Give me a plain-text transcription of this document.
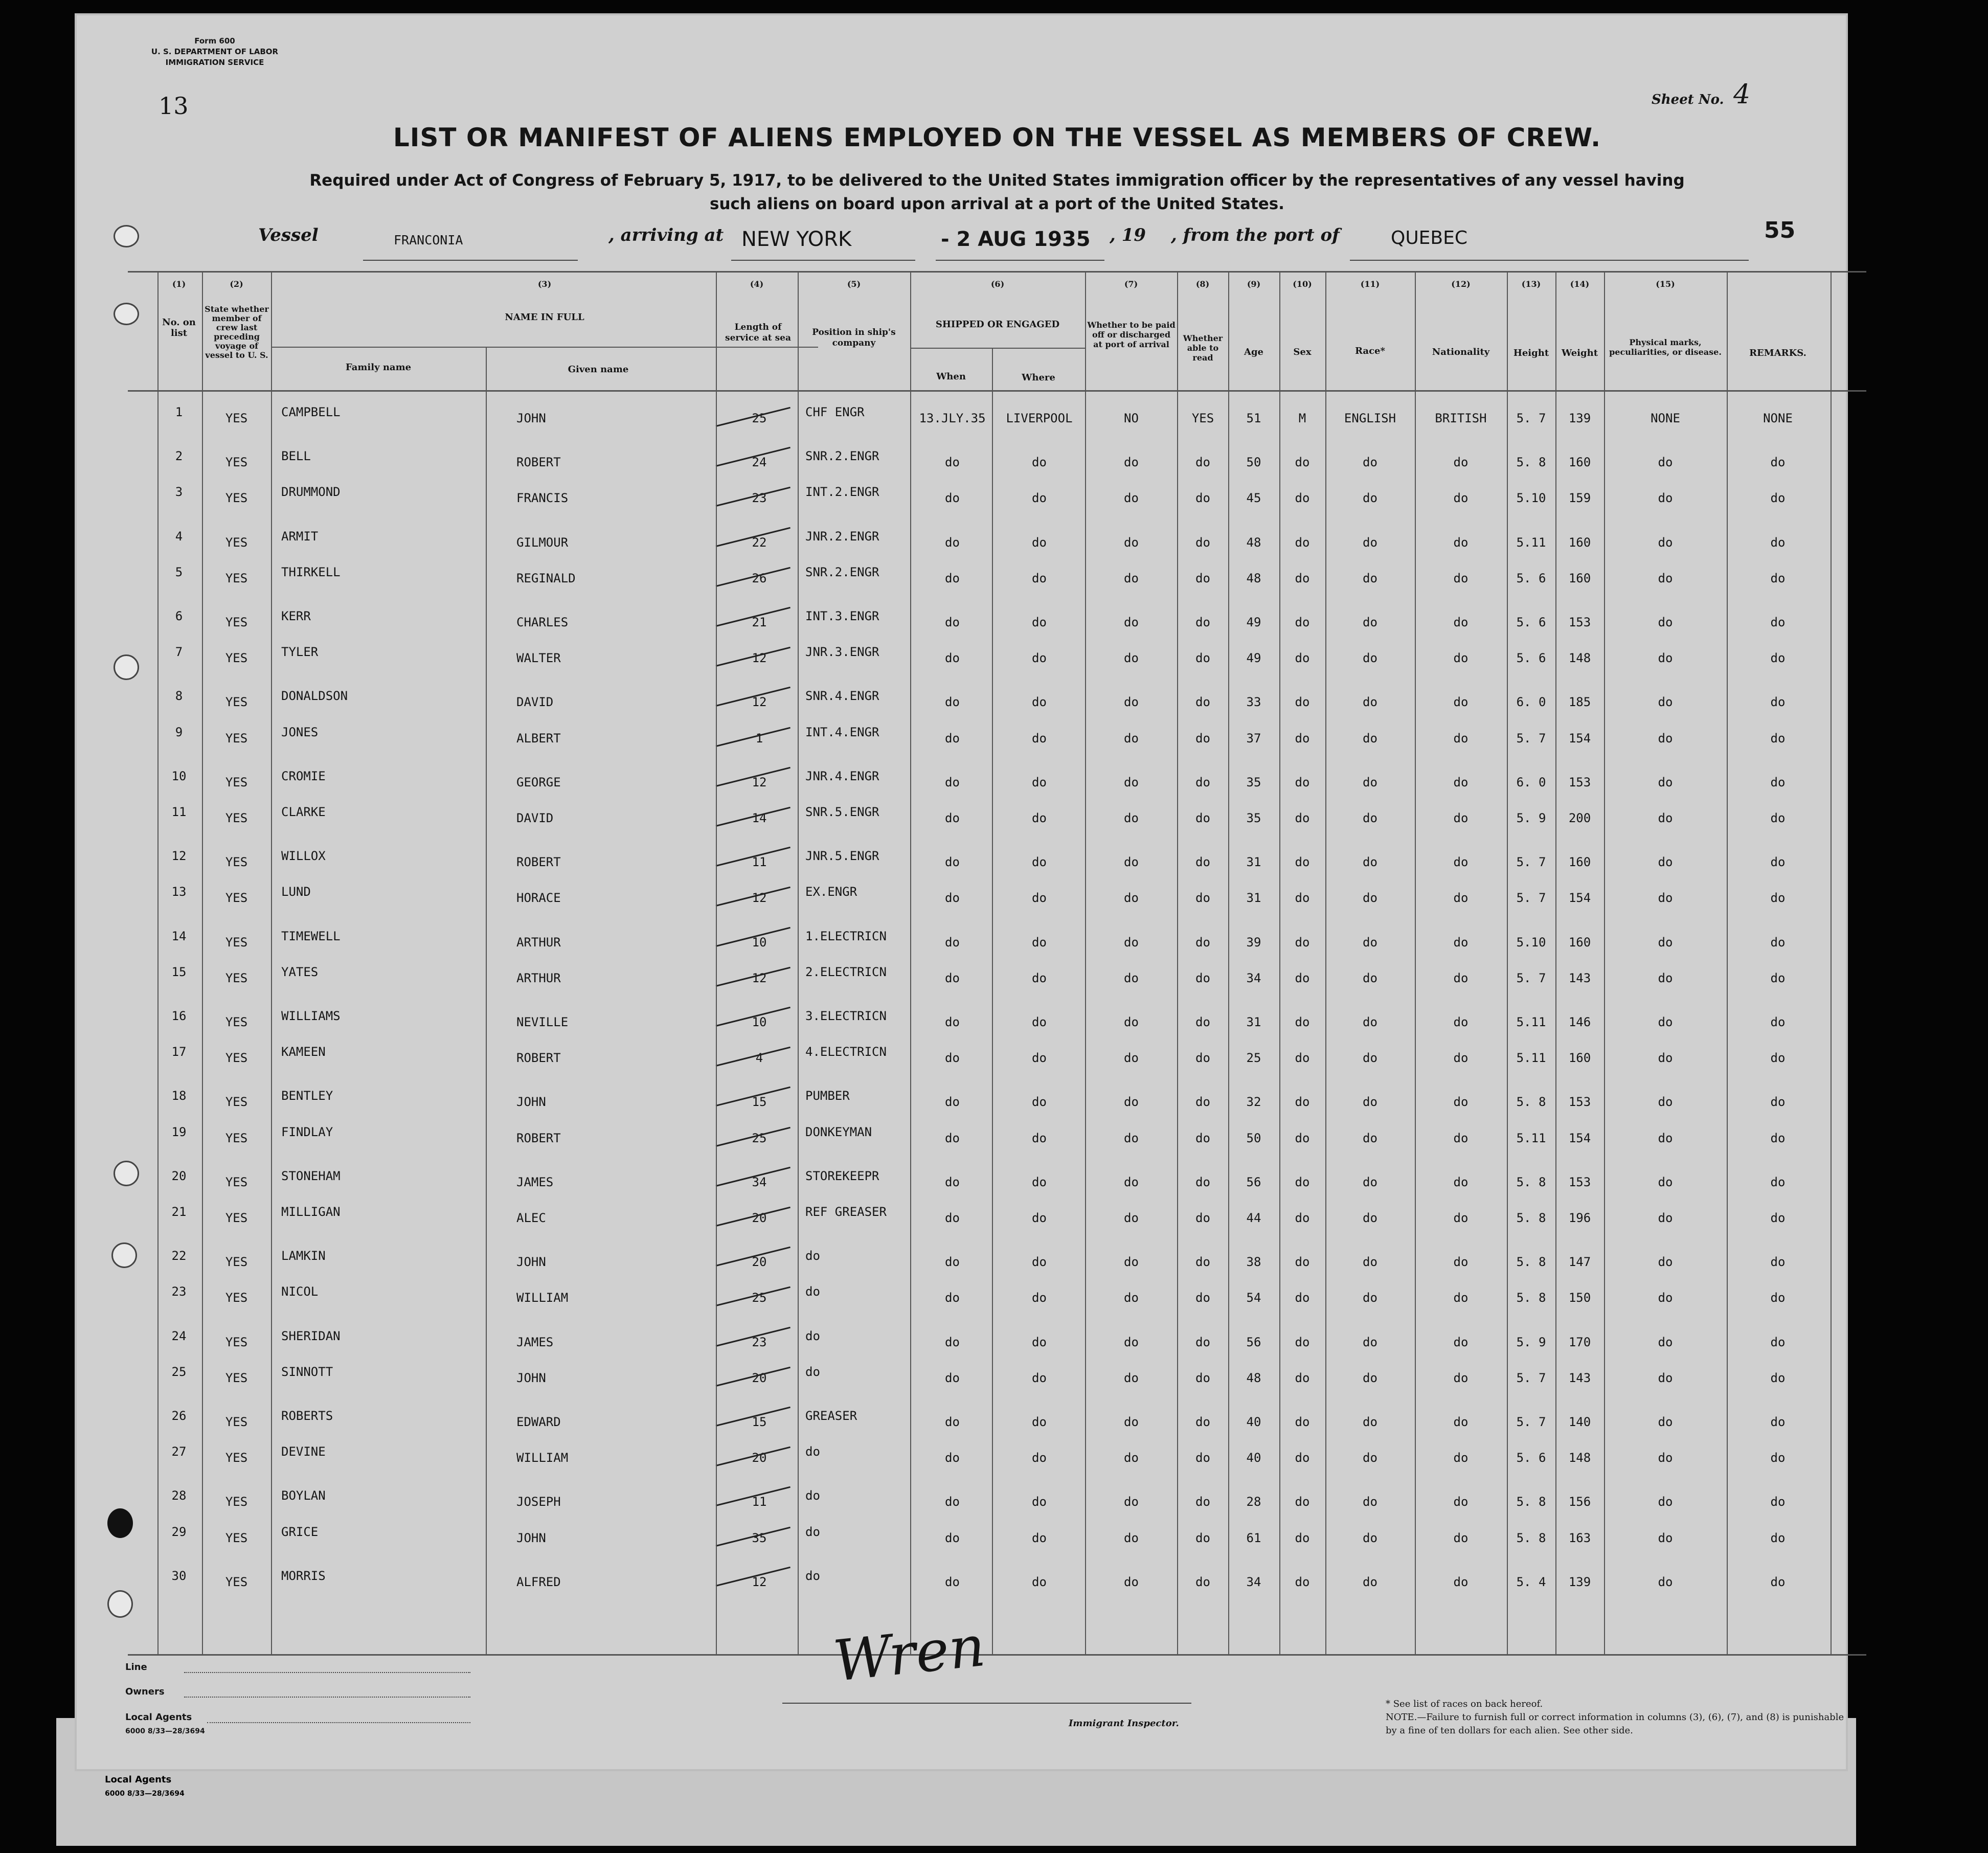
Local Agents
6000 8/33—28/3694
Form 600
U. S. DEPARTMENT OF LABOR
IMMIGRATION SERVICE
13	Sheet No. 4
LIST OR MANIFEST OF ALIENS EMPLOYED ON THE VESSEL AS MEMBERS OF CREW.
Required under Act of Congress of February 5, 1917, to be delivered to the United States immigration officer by the representatives of any vessel having such aliens on board upon arrival at a port of the United States.
55
Vessel	FRANCONIA	, arriving at NEW YORK	- 2 AUG 1935 , 19 , from the port of	QUEBEC
(1)	(2)	(3)	(4)	(5)	(6)	(7)	(8)	(9)	(10)	(11)	(12)	(13)	(14)	(15)
No. on list
State whether member of crew last preceding voyage of vessel to U. S.
NAME IN FULL
Family name	Given name
Length of service at sea
Position in ship's company
SHIPPED OR ENGAGED
When	Where
Whether to be paid off or discharged at port of arrival
Whether able to read
Age	Sex	Race*	Nationality	Height	Weight
Physical marks, peculiarities, or disease.	REMARKS.
1	YES	CAMPBELL	JOHN	25	CHF ENGR	13.JLY.35	LIVERPOOL	NO	YES	51	M	ENGLISH	BRITISH	5. 7	139	NONE	NONE
2	YES	BELL	ROBERT	24	SNR.2.ENGR	do	do	do	do	50	do	do	do	5. 8	160	do	do
3	YES	DRUMMOND	FRANCIS	23	INT.2.ENGR	do	do	do	do	45	do	do	do	5.10	159	do	do
4	YES	ARMIT	GILMOUR	22	JNR.2.ENGR	do	do	do	do	48	do	do	do	5.11	160	do	do
5	YES	THIRKELL	REGINALD	26	SNR.2.ENGR	do	do	do	do	48	do	do	do	5. 6	160	do	do
6	YES	KERR	CHARLES	21	INT.3.ENGR	do	do	do	do	49	do	do	do	5. 6	153	do	do
7	YES	TYLER	WALTER	12	JNR.3.ENGR	do	do	do	do	49	do	do	do	5. 6	148	do	do
8	YES	DONALDSON	DAVID	12	SNR.4.ENGR	do	do	do	do	33	do	do	do	6. 0	185	do	do
9	YES	JONES	ALBERT	1	INT.4.ENGR	do	do	do	do	37	do	do	do	5. 7	154	do	do
10	YES	CROMIE	GEORGE	12	JNR.4.ENGR	do	do	do	do	35	do	do	do	6. 0	153	do	do
11	YES	CLARKE	DAVID	14	SNR.5.ENGR	do	do	do	do	35	do	do	do	5. 9	200	do	do
12	YES	WILLOX	ROBERT	11	JNR.5.ENGR	do	do	do	do	31	do	do	do	5. 7	160	do	do
13	YES	LUND	HORACE	12	EX.ENGR	do	do	do	do	31	do	do	do	5. 7	154	do	do
14	YES	TIMEWELL	ARTHUR	10	1.ELECTRICN	do	do	do	do	39	do	do	do	5.10	160	do	do
15	YES	YATES	ARTHUR	12	2.ELECTRICN	do	do	do	do	34	do	do	do	5. 7	143	do	do
16	YES	WILLIAMS	NEVILLE	10	3.ELECTRICN	do	do	do	do	31	do	do	do	5.11	146	do	do
17	YES	KAMEEN	ROBERT	4	4.ELECTRICN	do	do	do	do	25	do	do	do	5.11	160	do	do
18	YES	BENTLEY	JOHN	15	PUMBER	do	do	do	do	32	do	do	do	5. 8	153	do	do
19	YES	FINDLAY	ROBERT	25	DONKEYMAN	do	do	do	do	50	do	do	do	5.11	154	do	do
20	YES	STONEHAM	JAMES	34	STOREKEEPR	do	do	do	do	56	do	do	do	5. 8	153	do	do
21	YES	MILLIGAN	ALEC	20	REF GREASER	do	do	do	do	44	do	do	do	5. 8	196	do	do
22	YES	LAMKIN	JOHN	20	do	do	do	do	do	38	do	do	do	5. 8	147	do	do
23	YES	NICOL	WILLIAM	25	do	do	do	do	do	54	do	do	do	5. 8	150	do	do
24	YES	SHERIDAN	JAMES	23	do	do	do	do	do	56	do	do	do	5. 9	170	do	do
25	YES	SINNOTT	JOHN	20	do	do	do	do	do	48	do	do	do	5. 7	143	do	do
26	YES	ROBERTS	EDWARD	15	GREASER	do	do	do	do	40	do	do	do	5. 7	140	do	do
27	YES	DEVINE	WILLIAM	20	do	do	do	do	do	40	do	do	do	5. 6	148	do	do
28	YES	BOYLAN	JOSEPH	11	do	do	do	do	do	28	do	do	do	5. 8	156	do	do
29	YES	GRICE	JOHN	35	do	do	do	do	do	61	do	do	do	5. 8	163	do	do
30	YES	MORRIS	ALFRED	12	do	do	do	do	do	34	do	do	do	5. 4	139	do	do
Line
Owners
Local Agents
6000 8/33—28/3694
Wren
Immigrant Inspector.
* See list of races on back hereof.
NOTE.—Failure to furnish full or correct information in columns (3), (6), (7), and (8) is punishable by a fine of ten dollars for each alien. See other side.
